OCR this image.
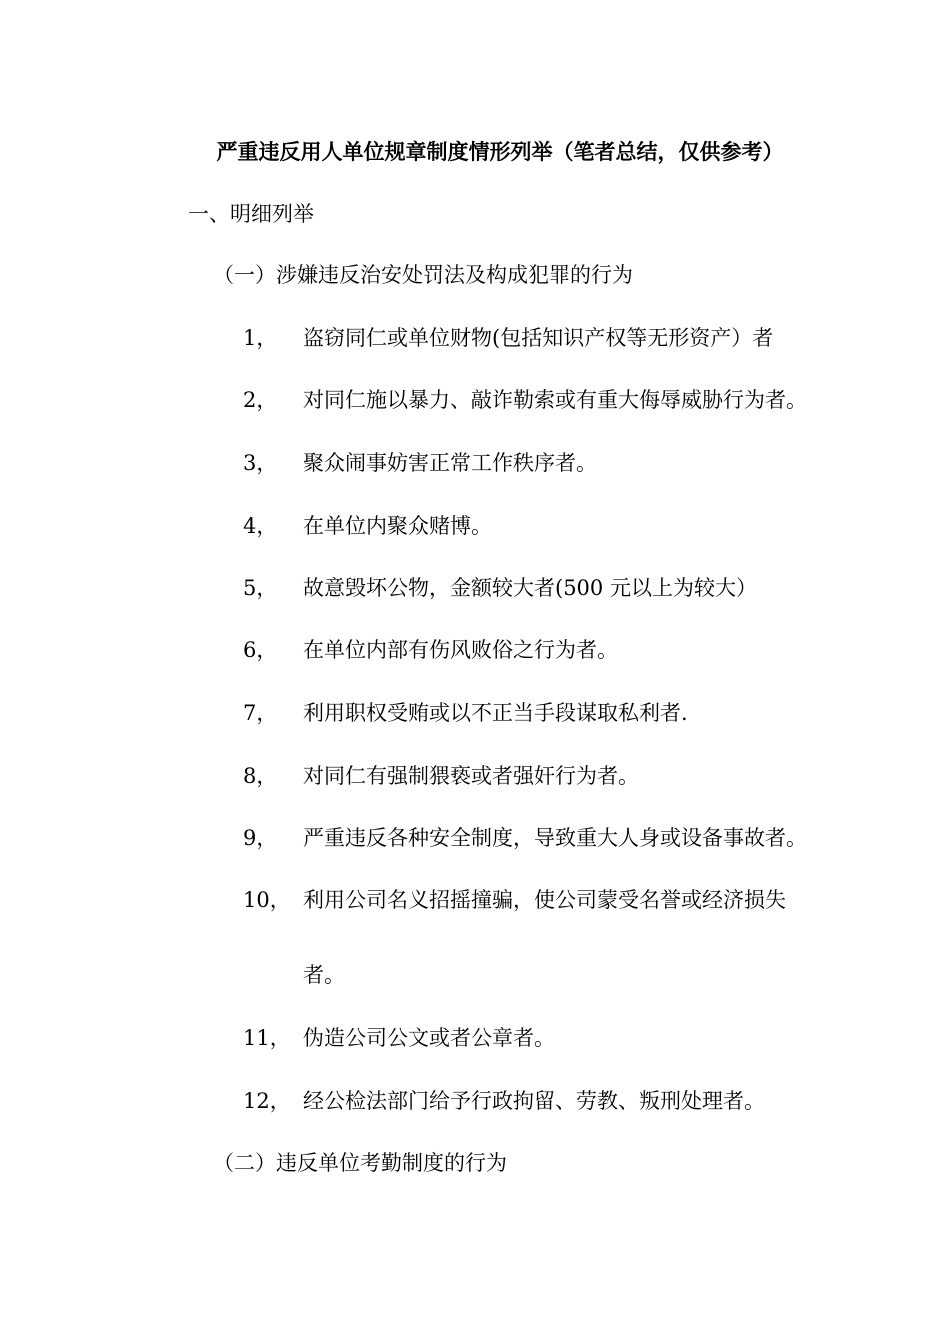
严重违反用人单位规章制度情形列举（笔者总结，仅供参考）
一、明细列举
（一）涉嫌违反治安处罚法及构成犯罪的行为
1， 盗窃同仁或单位财物(包括知识产权等无形资产）者
2， 对同仁施以暴力、敲诈勒索或有重大侮辱威胁行为者。
3， 聚众闹事妨害正常工作秩序者。
4， 在单位内聚众赌博。
5， 故意毁坏公物，金额较大者(500 元以上为较大）
6， 在单位内部有伤风败俗之行为者。
7， 利用职权受贿或以不正当手段谋取私利者.
8， 对同仁有强制猥亵或者强奸行为者。
9， 严重违反各种安全制度，导致重大人身或设备事故者。
10， 利用公司名义招摇撞骗，使公司蒙受名誉或经济损失
者。
11， 伪造公司公文或者公章者。
12， 经公检法部门给予行政拘留、劳教、叛刑处理者。
（二）违反单位考勤制度的行为
